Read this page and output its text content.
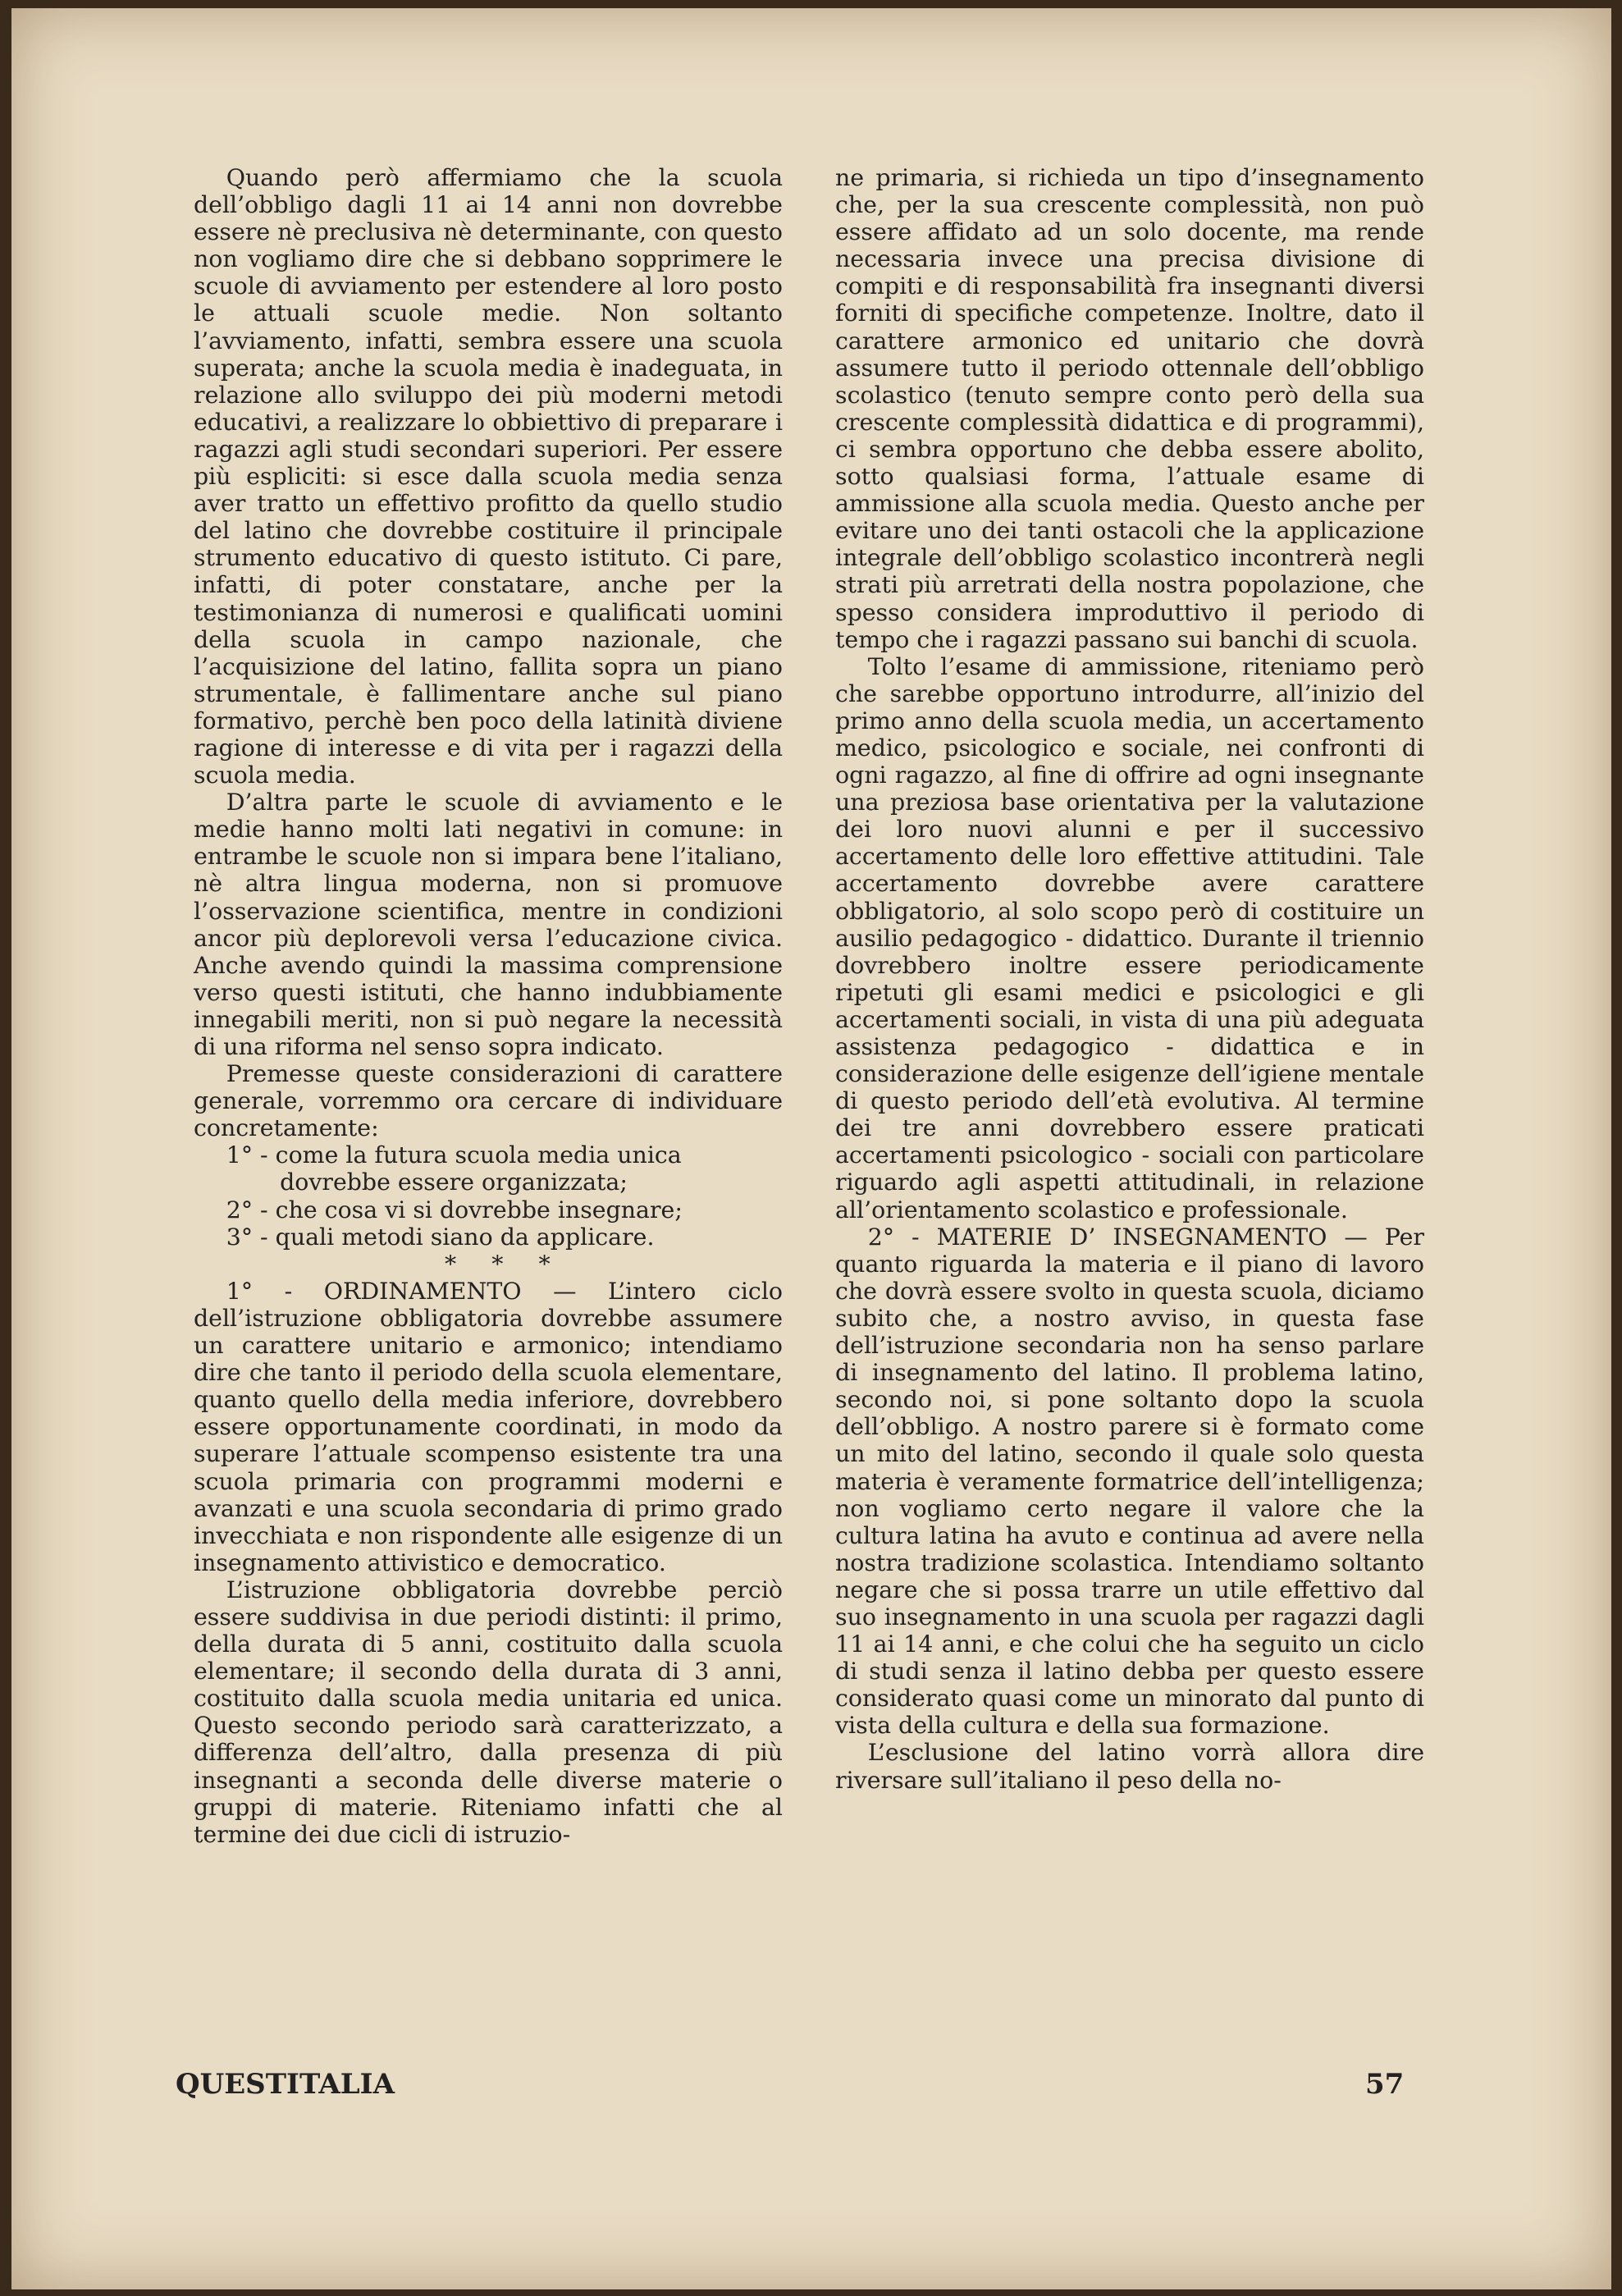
Quando però affermiamo che la scuola dell’obbligo dagli 11 ai 14 anni non dovrebbe essere nè preclusiva nè determinante, con questo non vogliamo dire che si debbano sopprimere le scuole di avviamento per estendere al loro posto le attuali scuole medie. Non soltanto l’avviamento, infatti, sembra essere una scuola superata; anche la scuola media è inadeguata, in relazione allo sviluppo dei più moderni metodi educativi, a realizzare lo obbiettivo di preparare i ragazzi agli studi secondari superiori. Per essere più espliciti: si esce dalla scuola media senza aver tratto un effettivo profitto da quello studio del latino che dovrebbe costituire il principale strumento educativo di questo istituto. Ci pare, infatti, di poter constatare, anche per la testimonianza di numerosi e qualificati uomini della scuola in campo nazionale, che l’acquisizione del latino, fallita sopra un piano strumentale, è fallimentare anche sul piano formativo, perchè ben poco della latinità diviene ragione di interesse e di vita per i ragazzi della scuola media.

D’altra parte le scuole di avviamento e le medie hanno molti lati negativi in comune: in entrambe le scuole non si impara bene l’italiano, nè altra lingua moderna, non si promuove l’osservazione scientifica, mentre in condizioni ancor più deplorevoli versa l’educazione civica. Anche avendo quindi la massima comprensione verso questi istituti, che hanno indubbiamente innegabili meriti, non si può negare la necessità di una riforma nel senso sopra indicato.

Premesse queste considerazioni di carattere generale, vorremmo ora cercare di individuare concretamente:

1° - come la futura scuola media unica
dovrebbe essere organizzata;
2° - che cosa vi si dovrebbe insegnare;
3° - quali metodi siano da applicare.

* * *

1° - ORDINAMENTO — L’intero ciclo dell’istruzione obbligatoria dovrebbe assumere un carattere unitario e armonico; intendiamo dire che tanto il periodo della scuola elementare, quanto quello della media inferiore, dovrebbero essere opportunamente coordinati, in modo da superare l’attuale scompenso esistente tra una scuola primaria con programmi moderni e avanzati e una scuola secondaria di primo grado invecchiata e non rispondente alle esigenze di un insegnamento attivistico e democratico.

L’istruzione obbligatoria dovrebbe perciò essere suddivisa in due periodi distinti: il primo, della durata di 5 anni, costituito dalla scuola elementare; il secondo della durata di 3 anni, costituito dalla scuola media unitaria ed unica. Questo secondo periodo sarà caratterizzato, a differenza dell’altro, dalla presenza di più insegnanti a seconda delle diverse materie o gruppi di materie. Riteniamo infatti che al termine dei due cicli di istruzio-

ne primaria, si richieda un tipo d’insegnamento che, per la sua crescente complessità, non può essere affidato ad un solo docente, ma rende necessaria invece una precisa divisione di compiti e di responsabilità fra insegnanti diversi forniti di specifiche competenze. Inoltre, dato il carattere armonico ed unitario che dovrà assumere tutto il periodo ottennale dell’obbligo scolastico (tenuto sempre conto però della sua crescente complessità didattica e di programmi), ci sembra opportuno che debba essere abolito, sotto qualsiasi forma, l’attuale esame di ammissione alla scuola media. Questo anche per evitare uno dei tanti ostacoli che la applicazione integrale dell’obbligo scolastico incontrerà negli strati più arretrati della nostra popolazione, che spesso considera improduttivo il periodo di tempo che i ragazzi passano sui banchi di scuola.

Tolto l’esame di ammissione, riteniamo però che sarebbe opportuno introdurre, all’inizio del primo anno della scuola media, un accertamento medico, psicologico e sociale, nei confronti di ogni ragazzo, al fine di offrire ad ogni insegnante una preziosa base orientativa per la valutazione dei loro nuovi alunni e per il successivo accertamento delle loro effettive attitudini. Tale accertamento dovrebbe avere carattere obbligatorio, al solo scopo però di costituire un ausilio pedagogico - didattico. Durante il triennio dovrebbero inoltre essere periodicamente ripetuti gli esami medici e psicologici e gli accertamenti sociali, in vista di una più adeguata assistenza pedagogico - didattica e in considerazione delle esigenze dell’igiene mentale di questo periodo dell’età evolutiva. Al termine dei tre anni dovrebbero essere praticati accertamenti psicologico - sociali con particolare riguardo agli aspetti attitudinali, in relazione all’orientamento scolastico e professionale.

2° - MATERIE D’ INSEGNAMENTO — Per quanto riguarda la materia e il piano di lavoro che dovrà essere svolto in questa scuola, diciamo subito che, a nostro avviso, in questa fase dell’istruzione secondaria non ha senso parlare di insegnamento del latino. Il problema latino, secondo noi, si pone soltanto dopo la scuola dell’obbligo. A nostro parere si è formato come un mito del latino, secondo il quale solo questa materia è veramente formatrice dell’intelligenza; non vogliamo certo negare il valore che la cultura latina ha avuto e continua ad avere nella nostra tradizione scolastica. Intendiamo soltanto negare che si possa trarre un utile effettivo dal suo insegnamento in una scuola per ragazzi dagli 11 ai 14 anni, e che colui che ha seguito un ciclo di studi senza il latino debba per questo essere considerato quasi come un minorato dal punto di vista della cultura e della sua formazione.

L’esclusione del latino vorrà allora dire riversare sull’italiano il peso della no-

QUESTITALIA	57
